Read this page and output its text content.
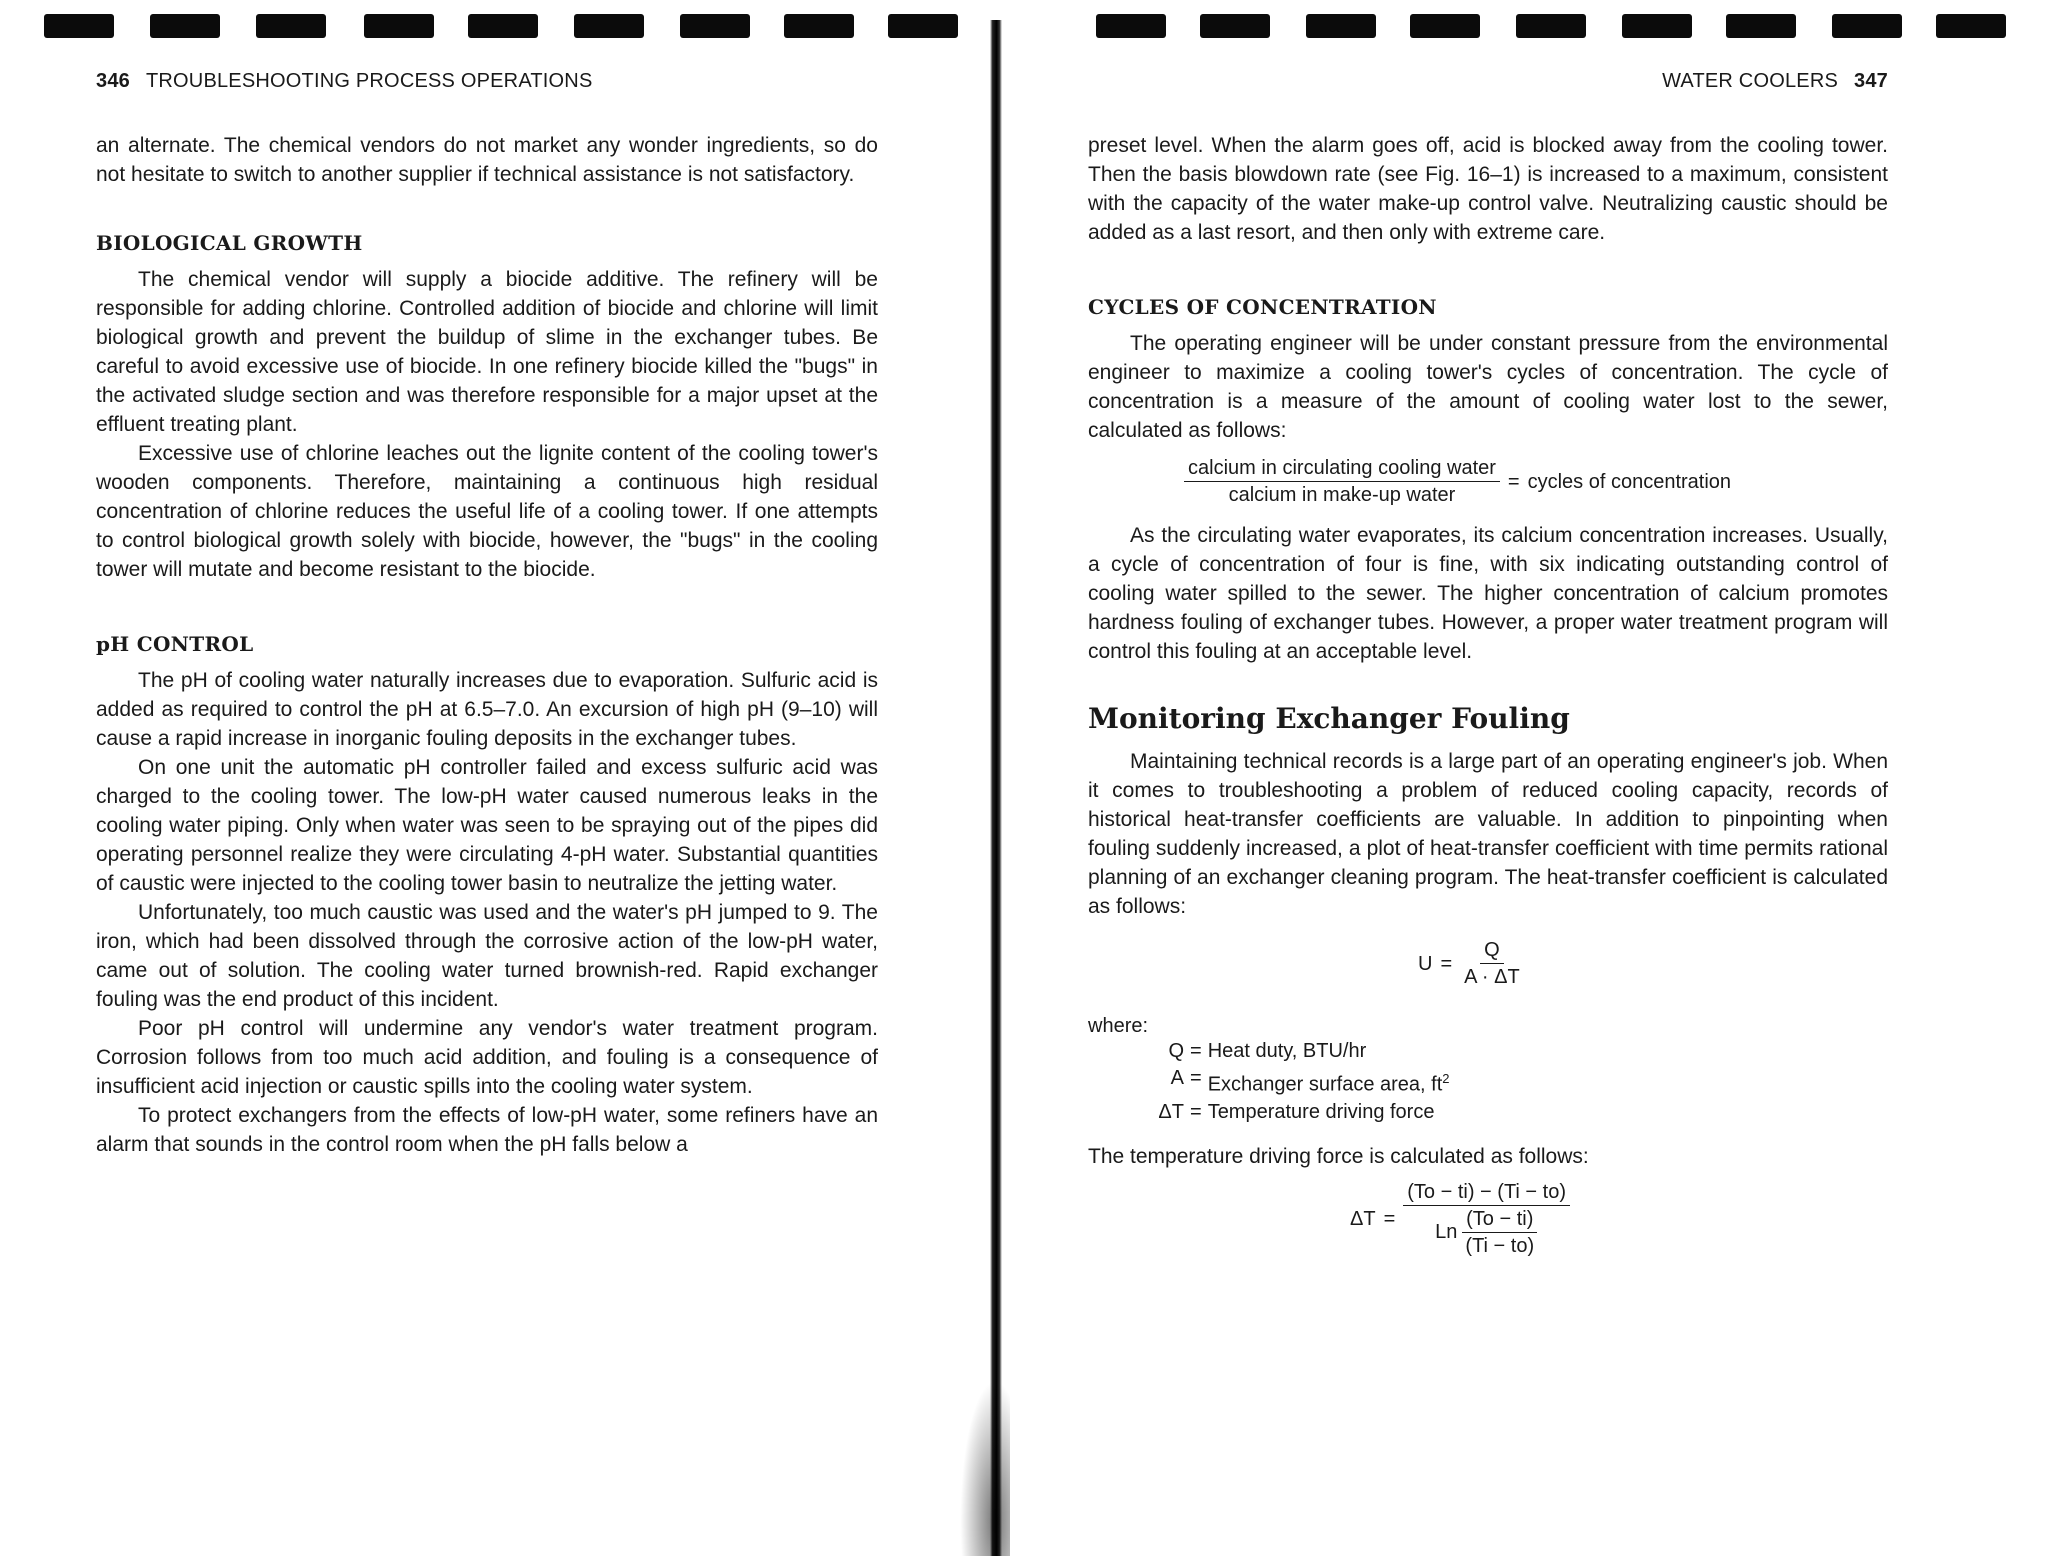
346 TROUBLESHOOTING PROCESS OPERATIONS

an alternate. The chemical vendors do not market any wonder ingredients, so do not hesitate to switch to another supplier if technical assistance is not satisfactory.

BIOLOGICAL GROWTH

The chemical vendor will supply a biocide additive. The refinery will be responsible for adding chlorine. Controlled addition of biocide and chlorine will limit biological growth and prevent the buildup of slime in the exchanger tubes. Be careful to avoid excessive use of biocide. In one refinery biocide killed the "bugs" in the activated sludge section and was therefore responsible for a major upset at the effluent treating plant.

Excessive use of chlorine leaches out the lignite content of the cooling tower's wooden components. Therefore, maintaining a continuous high residual concentration of chlorine reduces the useful life of a cooling tower. If one attempts to control biological growth solely with biocide, however, the "bugs" in the cooling tower will mutate and become resistant to the biocide.

pH CONTROL

The pH of cooling water naturally increases due to evaporation. Sulfuric acid is added as required to control the pH at 6.5–7.0. An excursion of high pH (9–10) will cause a rapid increase in inorganic fouling deposits in the exchanger tubes.

On one unit the automatic pH controller failed and excess sulfuric acid was charged to the cooling tower. The low-pH water caused numerous leaks in the cooling water piping. Only when water was seen to be spraying out of the pipes did operating personnel realize they were circulating 4-pH water. Substantial quantities of caustic were injected to the cooling tower basin to neutralize the jetting water.

Unfortunately, too much caustic was used and the water's pH jumped to 9. The iron, which had been dissolved through the corrosive action of the low-pH water, came out of solution. The cooling water turned brownish-red. Rapid exchanger fouling was the end product of this incident.

Poor pH control will undermine any vendor's water treatment program. Corrosion follows from too much acid addition, and fouling is a consequence of insufficient acid injection or caustic spills into the cooling water system.

To protect exchangers from the effects of low-pH water, some refiners have an alarm that sounds in the control room when the pH falls below a

WATER COOLERS 347

preset level. When the alarm goes off, acid is blocked away from the cooling tower. Then the basis blowdown rate (see Fig. 16–1) is increased to a maximum, consistent with the capacity of the water make-up control valve. Neutralizing caustic should be added as a last resort, and then only with extreme care.

CYCLES OF CONCENTRATION

The operating engineer will be under constant pressure from the environmental engineer to maximize a cooling tower's cycles of concentration. The cycle of concentration is a measure of the amount of cooling water lost to the sewer, calculated as follows:

$\frac{\text{calcium in circulating cooling water}}{\text{calcium in make-up water}}$ = cycles of concentration

As the circulating water evaporates, its calcium concentration increases. Usually, a cycle of concentration of four is fine, with six indicating outstanding control of cooling water spilled to the sewer. The higher concentration of calcium promotes hardness fouling of exchanger tubes. However, a proper water treatment program will control this fouling at an acceptable level.

Monitoring Exchanger Fouling

Maintaining technical records is a large part of an operating engineer's job. When it comes to troubleshooting a problem of reduced cooling capacity, records of historical heat-transfer coefficients are valuable. In addition to pinpointing when fouling suddenly increased, a plot of heat-transfer coefficient with time permits rational planning of an exchanger cleaning program. The heat-transfer coefficient is calculated as follows:

$U = \frac{Q}{A \cdot \Delta T}$
where:
Q = Heat duty, BTU/hr
A = Exchanger surface area, $ft^2$
ΔT = Temperature driving force

The temperature driving force is calculated as follows:

$\Delta T = \frac{(To - ti) - (Ti - to)}{Ln \frac{(To - ti)}{(Ti - to)}}$
